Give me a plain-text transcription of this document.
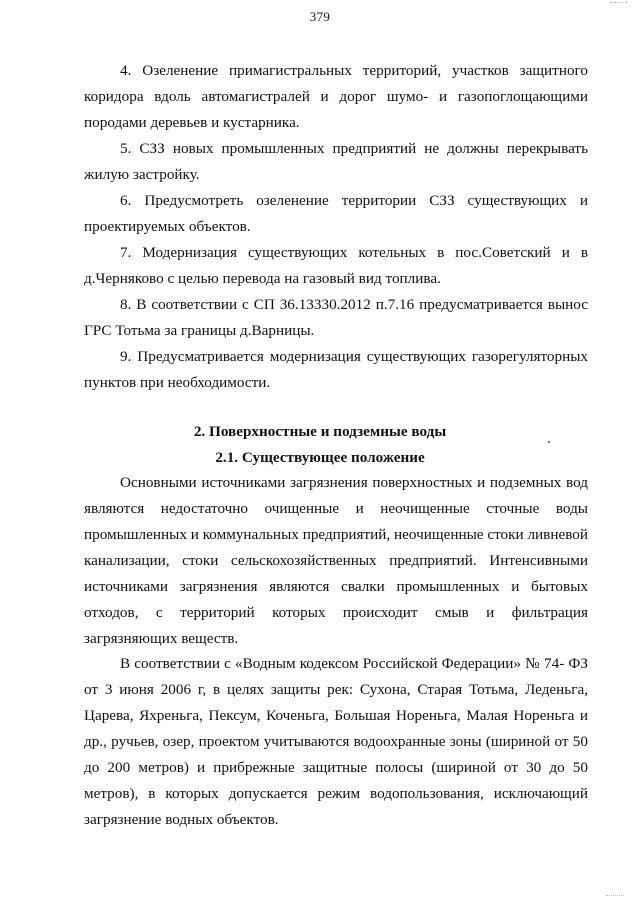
379
4. Озеленение примагистральных территорий, участков защитного коридора вдоль автомагистралей и дорог шумо- и газопоглощающими породами деревьев и кустарника.
5. СЗЗ новых промышленных предприятий не должны перекрывать жилую застройку.
6. Предусмотреть озеленение территории СЗЗ существующих и проектируемых объектов.
7. Модернизация существующих котельных в пос.Советский и в д.Черняково с целью перевода на газовый вид топлива.
8. В соответствии с СП 36.13330.2012 п.7.16 предусматривается вынос ГРС Тотьма за границы д.Варницы.
9. Предусматривается модернизация существующих газорегуляторных пунктов при необходимости.
2. Поверхностные и подземные воды
2.1. Существующее положение
Основными источниками загрязнения поверхностных и подземных вод являются недостаточно очищенные и неочищенные сточные воды промышленных и коммунальных предприятий, неочищенные стоки ливневой канализации, стоки сельскохозяйственных предприятий. Интенсивными источниками загрязнения являются свалки промышленных и бытовых отходов, с территорий которых происходит смыв и фильтрация загрязняющих веществ.
В соответствии с «Водным кодексом Российской Федерации» № 74- ФЗ от 3 июня 2006 г, в целях защиты рек: Сухона, Старая Тотьма, Леденьга, Царева, Яхреньга, Пексум, Коченьга, Большая Нореньга, Малая Нореньга и др., ручьев, озер, проектом учитываются водоохранные зоны (шириной от 50 до 200 метров) и прибрежные защитные полосы (шириной от 30 до 50 метров), в которых допускается режим водопользования, исключающий загрязнение водных объектов.
